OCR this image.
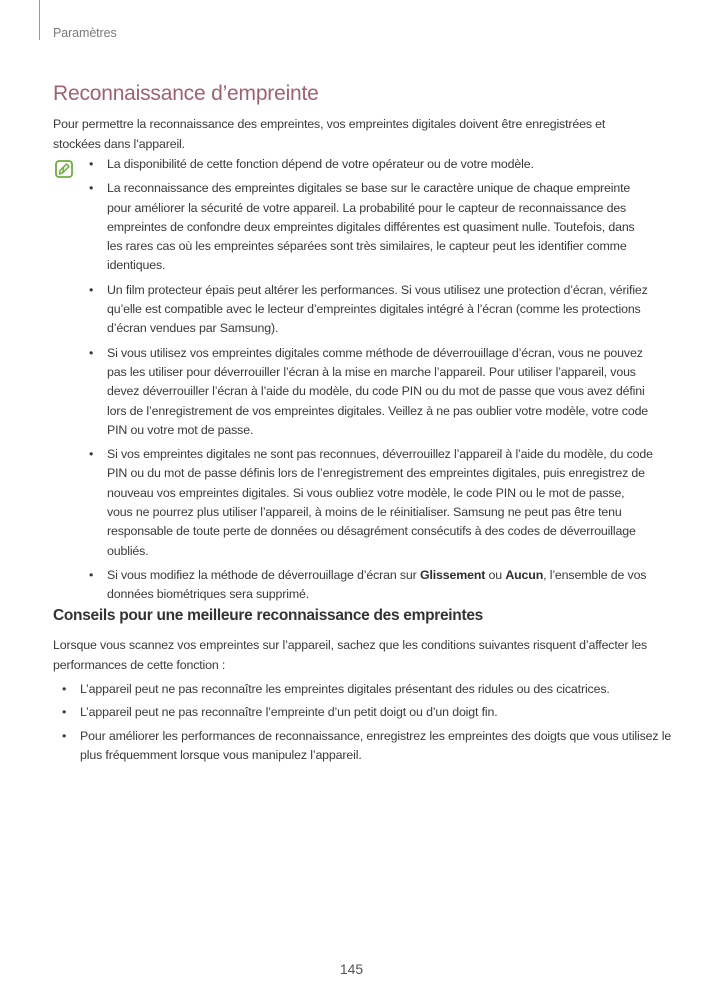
Paramètres
Reconnaissance d’empreinte

Pour permettre la reconnaissance des empreintes, vos empreintes digitales doivent être enregistrées et stockées dans l’appareil.

• La disponibilité de cette fonction dépend de votre opérateur ou de votre modèle.
• La reconnaissance des empreintes digitales se base sur le caractère unique de chaque empreinte pour améliorer la sécurité de votre appareil. La probabilité pour le capteur de reconnaissance des empreintes de confondre deux empreintes digitales différentes est quasiment nulle. Toutefois, dans les rares cas où les empreintes séparées sont très similaires, le capteur peut les identifier comme identiques.
• Un film protecteur épais peut altérer les performances. Si vous utilisez une protection d’écran, vérifiez qu’elle est compatible avec le lecteur d’empreintes digitales intégré à l’écran (comme les protections d’écran vendues par Samsung).
• Si vous utilisez vos empreintes digitales comme méthode de déverrouillage d’écran, vous ne pouvez pas les utiliser pour déverrouiller l’écran à la mise en marche l’appareil. Pour utiliser l’appareil, vous devez déverrouiller l’écran à l’aide du modèle, du code PIN ou du mot de passe que vous avez défini lors de l’enregistrement de vos empreintes digitales. Veillez à ne pas oublier votre modèle, votre code PIN ou votre mot de passe.
• Si vos empreintes digitales ne sont pas reconnues, déverrouillez l’appareil à l’aide du modèle, du code PIN ou du mot de passe définis lors de l’enregistrement des empreintes digitales, puis enregistrez de nouveau vos empreintes digitales. Si vous oubliez votre modèle, le code PIN ou le mot de passe, vous ne pourrez plus utiliser l’appareil, à moins de le réinitialiser. Samsung ne peut pas être tenu responsable de toute perte de données ou désagrément consécutifs à des codes de déverrouillage oubliés.
• Si vous modifiez la méthode de déverrouillage d’écran sur Glissement ou Aucun, l’ensemble de vos données biométriques sera supprimé.
Conseils pour une meilleure reconnaissance des empreintes

Lorsque vous scannez vos empreintes sur l’appareil, sachez que les conditions suivantes risquent d’affecter les performances de cette fonction :

• L’appareil peut ne pas reconnaître les empreintes digitales présentant des ridules ou des cicatrices.
• L’appareil peut ne pas reconnaître l’empreinte d’un petit doigt ou d’un doigt fin.
• Pour améliorer les performances de reconnaissance, enregistrez les empreintes des doigts que vous utilisez le plus fréquemment lorsque vous manipulez l’appareil.
145
